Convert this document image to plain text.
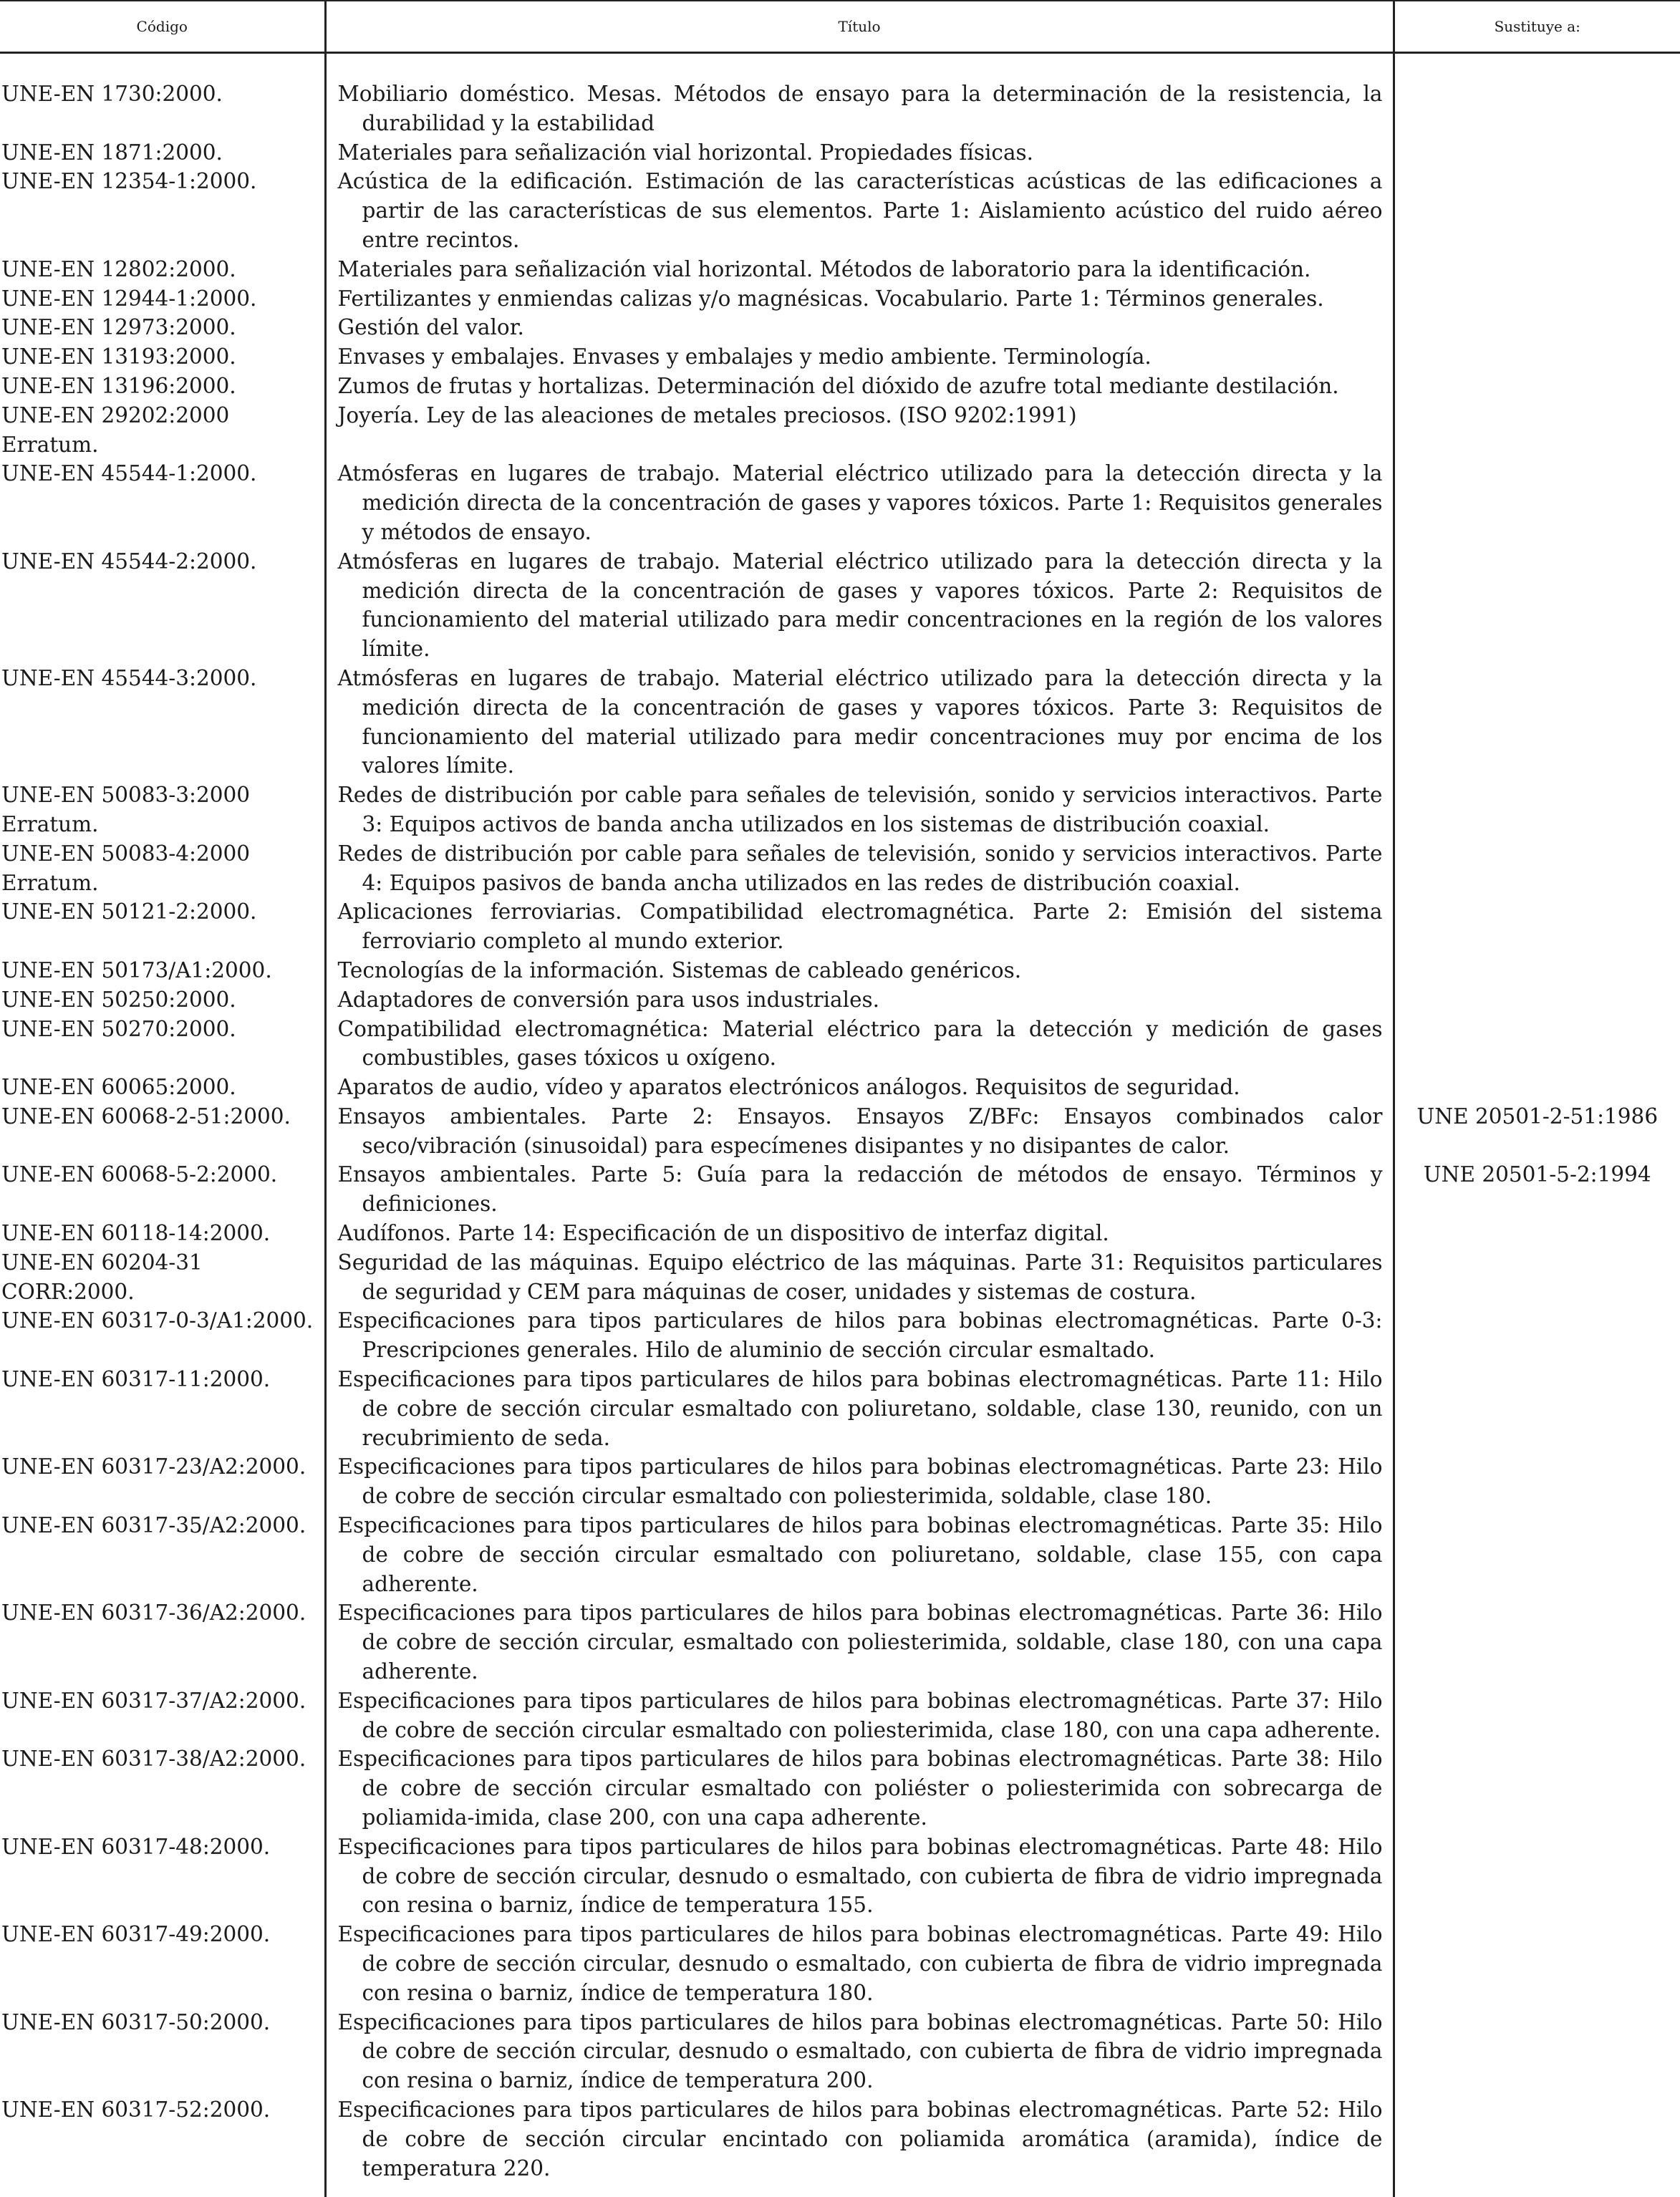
Código	Título	Sustituye a:

UNE-EN 1730:2000.	Mobiliario doméstico. Mesas. Métodos de ensayo para la determinación de la resistencia, la durabilidad y la estabilidad	

UNE-EN 1871:2000.	Materiales para señalización vial horizontal. Propiedades físicas.	

UNE-EN 12354-1:2000.	Acústica de la edificación. Estimación de las características acústicas de las edificaciones a partir de las características de sus elementos. Parte 1: Aislamiento acústico del ruido aéreo entre recintos.	

UNE-EN 12802:2000.	Materiales para señalización vial horizontal. Métodos de laboratorio para la identificación.	

UNE-EN 12944-1:2000.	Fertilizantes y enmiendas calizas y/o magnésicas. Vocabulario. Parte 1: Términos generales.	

UNE-EN 12973:2000.	Gestión del valor.	

UNE-EN 13193:2000.	Envases y embalajes. Envases y embalajes y medio ambiente. Terminología.	

UNE-EN 13196:2000.	Zumos de frutas y hortalizas. Determinación del dióxido de azufre total mediante destilación.	

UNE-EN 29202:2000 Erratum.	Joyería. Ley de las aleaciones de metales preciosos. (ISO 9202:1991)	

UNE-EN 45544-1:2000.	Atmósferas en lugares de trabajo. Material eléctrico utilizado para la detección directa y la medición directa de la concentración de gases y vapores tóxicos. Parte 1: Requisitos generales y métodos de ensayo.	

UNE-EN 45544-2:2000.	Atmósferas en lugares de trabajo. Material eléctrico utilizado para la detección directa y la medición directa de la concentración de gases y vapores tóxicos. Parte 2: Requisitos de funcionamiento del material utilizado para medir concentraciones en la región de los valores límite.	

UNE-EN 45544-3:2000.	Atmósferas en lugares de trabajo. Material eléctrico utilizado para la detección directa y la medición directa de la concentración de gases y vapores tóxicos. Parte 3: Requisitos de funcionamiento del material utilizado para medir concentraciones muy por encima de los valores límite.	

UNE-EN 50083-3:2000 Erratum.	Redes de distribución por cable para señales de televisión, sonido y servicios interactivos. Parte 3: Equipos activos de banda ancha utilizados en los sistemas de distribución coaxial.	

UNE-EN 50083-4:2000 Erratum.	Redes de distribución por cable para señales de televisión, sonido y servicios interactivos. Parte 4: Equipos pasivos de banda ancha utilizados en las redes de distribución coaxial.	

UNE-EN 50121-2:2000.	Aplicaciones ferroviarias. Compatibilidad electromagnética. Parte 2: Emisión del sistema ferroviario completo al mundo exterior.	

UNE-EN 50173/A1:2000.	Tecnologías de la información. Sistemas de cableado genéricos.	

UNE-EN 50250:2000.	Adaptadores de conversión para usos industriales.	

UNE-EN 50270:2000.	Compatibilidad electromagnética: Material eléctrico para la detección y medición de gases combustibles, gases tóxicos u oxígeno.	

UNE-EN 60065:2000.	Aparatos de audio, vídeo y aparatos electrónicos análogos. Requisitos de seguridad.	

UNE-EN 60068-2-51:2000.	Ensayos ambientales. Parte 2: Ensayos. Ensayos Z/BFc: Ensayos combinados calor seco/vibración (sinusoidal) para especímenes disipantes y no disipantes de calor.	UNE 20501-2-51:1986
UNE-EN 60068-5-2:2000.	Ensayos ambientales. Parte 5: Guía para la redacción de métodos de ensayo. Términos y definiciones.	UNE 20501-5-2:1994
UNE-EN 60118-14:2000.	Audífonos. Parte 14: Especificación de un dispositivo de interfaz digital.	

UNE-EN 60204-31 CORR:2000.	Seguridad de las máquinas. Equipo eléctrico de las máquinas. Parte 31: Requisitos particulares de seguridad y CEM para máquinas de coser, unidades y sistemas de costura.	

UNE-EN 60317-0-3/A1:2000.	Especificaciones para tipos particulares de hilos para bobinas electromagnéticas. Parte 0-3: Prescripciones generales. Hilo de aluminio de sección circular esmaltado.	

UNE-EN 60317-11:2000.	Especificaciones para tipos particulares de hilos para bobinas electromagnéticas. Parte 11: Hilo de cobre de sección circular esmaltado con poliuretano, soldable, clase 130, reunido, con un recubrimiento de seda.	

UNE-EN 60317-23/A2:2000.	Especificaciones para tipos particulares de hilos para bobinas electromagnéticas. Parte 23: Hilo de cobre de sección circular esmaltado con poliesterimida, soldable, clase 180.	

UNE-EN 60317-35/A2:2000.	Especificaciones para tipos particulares de hilos para bobinas electromagnéticas. Parte 35: Hilo de cobre de sección circular esmaltado con poliuretano, soldable, clase 155, con capa adherente.	

UNE-EN 60317-36/A2:2000.	Especificaciones para tipos particulares de hilos para bobinas electromagnéticas. Parte 36: Hilo de cobre de sección circular, esmaltado con poliesterimida, soldable, clase 180, con una capa adherente.	

UNE-EN 60317-37/A2:2000.	Especificaciones para tipos particulares de hilos para bobinas electromagnéticas. Parte 37: Hilo de cobre de sección circular esmaltado con poliesterimida, clase 180, con una capa adherente.	

UNE-EN 60317-38/A2:2000.	Especificaciones para tipos particulares de hilos para bobinas electromagnéticas. Parte 38: Hilo de cobre de sección circular esmaltado con poliéster o poliesterimida con sobrecarga de poliamida-imida, clase 200, con una capa adherente.	

UNE-EN 60317-48:2000.	Especificaciones para tipos particulares de hilos para bobinas electromagnéticas. Parte 48: Hilo de cobre de sección circular, desnudo o esmaltado, con cubierta de fibra de vidrio impregnada con resina o barniz, índice de temperatura 155.	

UNE-EN 60317-49:2000.	Especificaciones para tipos particulares de hilos para bobinas electromagnéticas. Parte 49: Hilo de cobre de sección circular, desnudo o esmaltado, con cubierta de fibra de vidrio impregnada con resina o barniz, índice de temperatura 180.	

UNE-EN 60317-50:2000.	Especificaciones para tipos particulares de hilos para bobinas electromagnéticas. Parte 50: Hilo de cobre de sección circular, desnudo o esmaltado, con cubierta de fibra de vidrio impregnada con resina o barniz, índice de temperatura 200.	

UNE-EN 60317-52:2000.	Especificaciones para tipos particulares de hilos para bobinas electromagnéticas. Parte 52: Hilo de cobre de sección circular encintado con poliamida aromática (aramida), índice de temperatura 220.	
